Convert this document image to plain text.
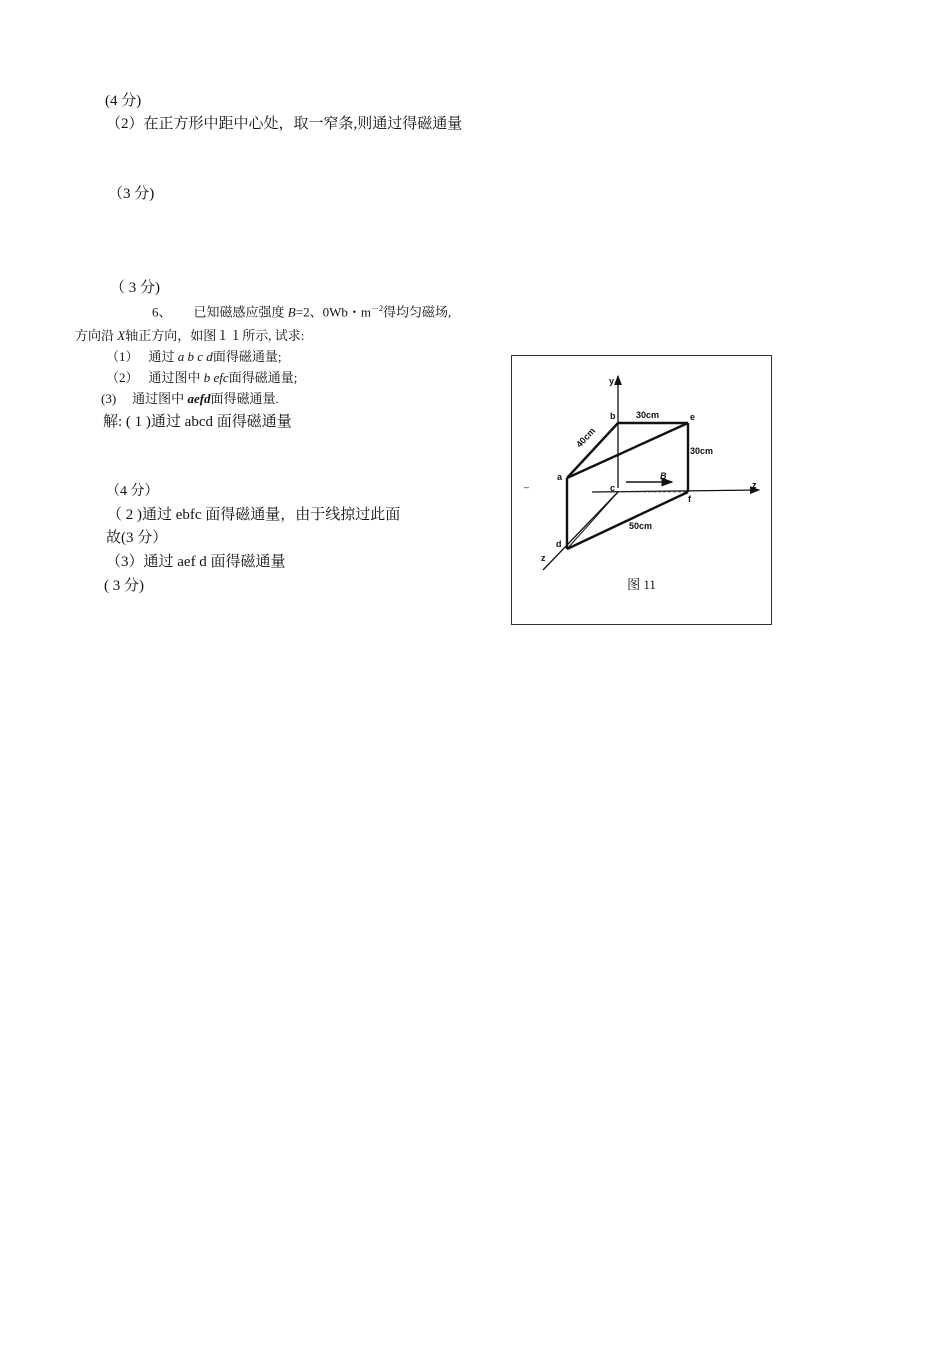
(4 分)
（2）在正方形中距中心处，取一窄条,则通过得磁通量
（3 分)
（ 3 分)
6、 已知磁感应强度 B=2、0Wb・$m^{-2}$得均匀磁场,
方向沿 X轴正方向，如图１１所示, 试求:
（1） 通过 a b c d面得磁通量;
（2） 通过图中 b efc面得磁通量;
(3) 通过图中 aefd面得磁通量.
解: ( 1 )通过 abcd 面得磁通量
（4 分）
（ 2 )通过 ebfc 面得磁通量，由于线掠过此面
故(3 分）
（3）通过 aef d 面得磁通量
( 3 分)
y
z
z
a
b
c
d
e
f
B
40cm
30cm
30cm
50cm
–
图 11
